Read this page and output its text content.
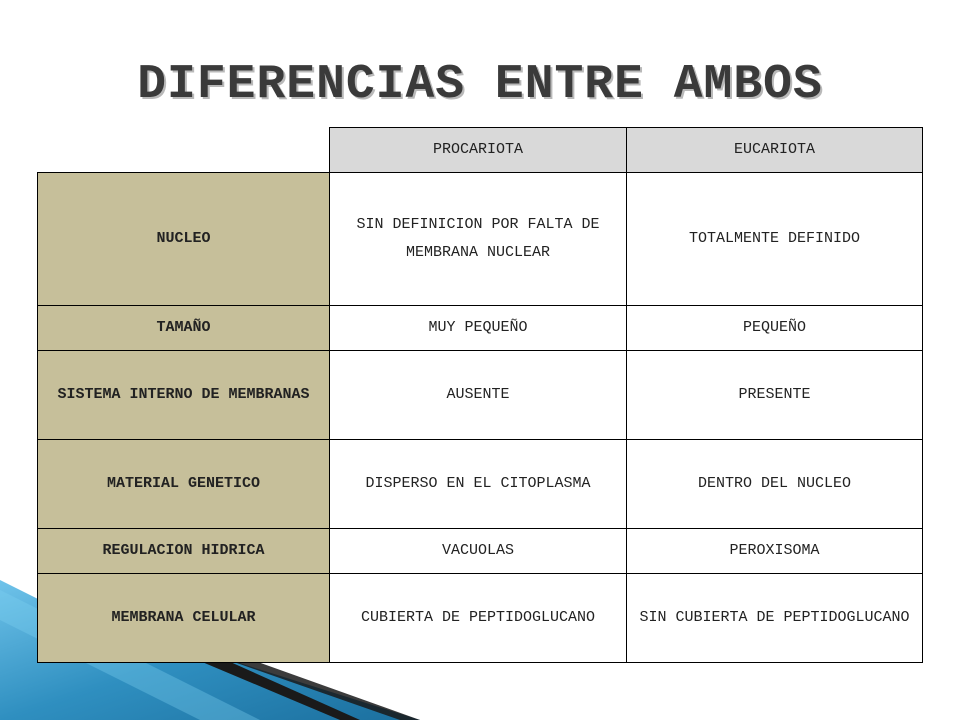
DIFERENCIAS ENTRE AMBOS
	PROCARIOTA	EUCARIOTA
NUCLEO	SIN DEFINICION POR FALTA DE MEMBRANA NUCLEAR	TOTALMENTE DEFINIDO
TAMAÑO	MUY PEQUEÑO	PEQUEÑO
SISTEMA INTERNO DE MEMBRANAS	AUSENTE	PRESENTE
MATERIAL GENETICO	DISPERSO EN EL CITOPLASMA	DENTRO DEL NUCLEO
REGULACION HIDRICA	VACUOLAS	PEROXISOMA
MEMBRANA CELULAR	CUBIERTA DE PEPTIDOGLUCANO	SIN CUBIERTA DE PEPTIDOGLUCANO
